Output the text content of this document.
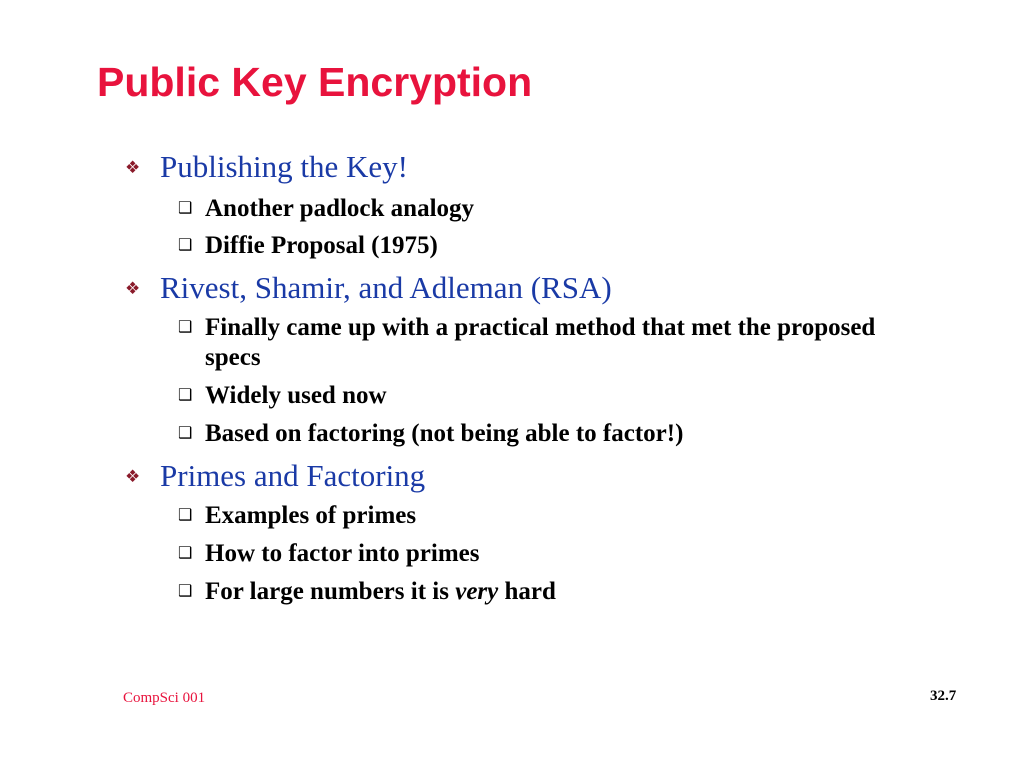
Public Key Encryption
❖ Publishing the Key!
❑ Another padlock analogy
❑ Diffie Proposal (1975)
❖ Rivest, Shamir, and Adleman (RSA)
❑ Finally came up with a practical method that met the proposed specs
❑ Widely used now
❑ Based on factoring (not being able to factor!)
❖ Primes and Factoring
❑ Examples of primes
❑ How to factor into primes
❑ For large numbers it is very hard
CompSci 001	32.7
